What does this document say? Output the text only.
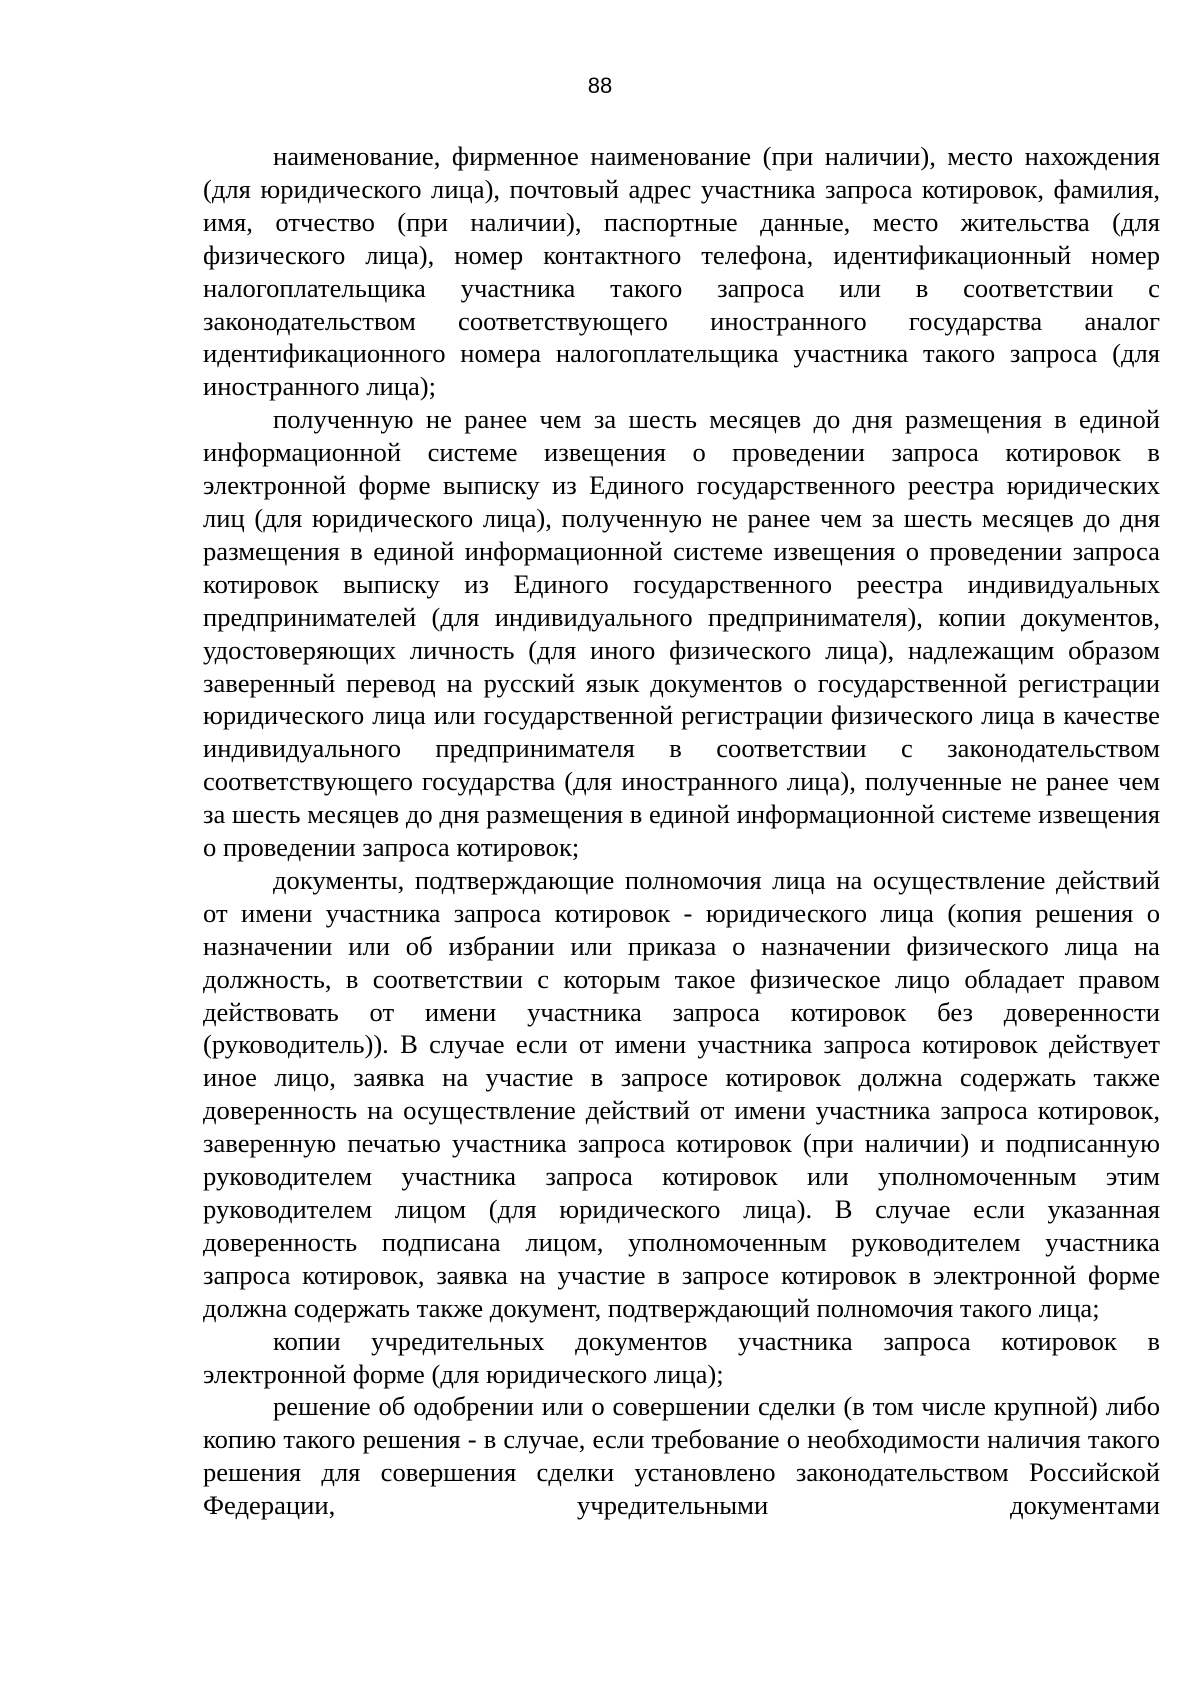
88

наименование, фирменное наименование (при наличии), место нахождения (для юридического лица), почтовый адрес участника запроса котировок, фамилия, имя, отчество (при наличии), паспортные данные, место жительства (для физического лица), номер контактного телефона, идентификационный номер налогоплательщика участника такого запроса или в соответствии с законодательством соответствующего иностранного государства аналог идентификационного номера налогоплательщика участника такого запроса (для иностранного лица);

полученную не ранее чем за шесть месяцев до дня размещения в единой информационной системе извещения о проведении запроса котировок в электронной форме выписку из Единого государственного реестра юридических лиц (для юридического лица), полученную не ранее чем за шесть месяцев до дня размещения в единой информационной системе извещения о проведении запроса котировок выписку из Единого государственного реестра индивидуальных предпринимателей (для индивидуального предпринимателя), копии документов, удостоверяющих личность (для иного физического лица), надлежащим образом заверенный перевод на русский язык документов о государственной регистрации юридического лица или государственной регистрации физического лица в качестве индивидуального предпринимателя в соответствии с законодательством соответствующего государства (для иностранного лица), полученные не ранее чем за шесть месяцев до дня размещения в единой информационной системе извещения о проведении запроса котировок;

документы, подтверждающие полномочия лица на осуществление действий от имени участника запроса котировок - юридического лица (копия решения о назначении или об избрании или приказа о назначении физического лица на должность, в соответствии с которым такое физическое лицо обладает правом действовать от имени участника запроса котировок без доверенности (руководитель)). В случае если от имени участника запроса котировок действует иное лицо, заявка на участие в запросе котировок должна содержать также доверенность на осуществление действий от имени участника запроса котировок, заверенную печатью участника запроса котировок (при наличии) и подписанную руководителем участника запроса котировок или уполномоченным этим руководителем лицом (для юридического лица). В случае если указанная доверенность подписана лицом, уполномоченным руководителем участника запроса котировок, заявка на участие в запросе котировок в электронной форме должна содержать также документ, подтверждающий полномочия такого лица;

копии учредительных документов участника запроса котировок в электронной форме (для юридического лица);

решение об одобрении или о совершении сделки (в том числе крупной) либо копию такого решения - в случае, если требование о необходимости наличия такого решения для совершения сделки установлено законодательством Российской Федерации, учредительными документами
